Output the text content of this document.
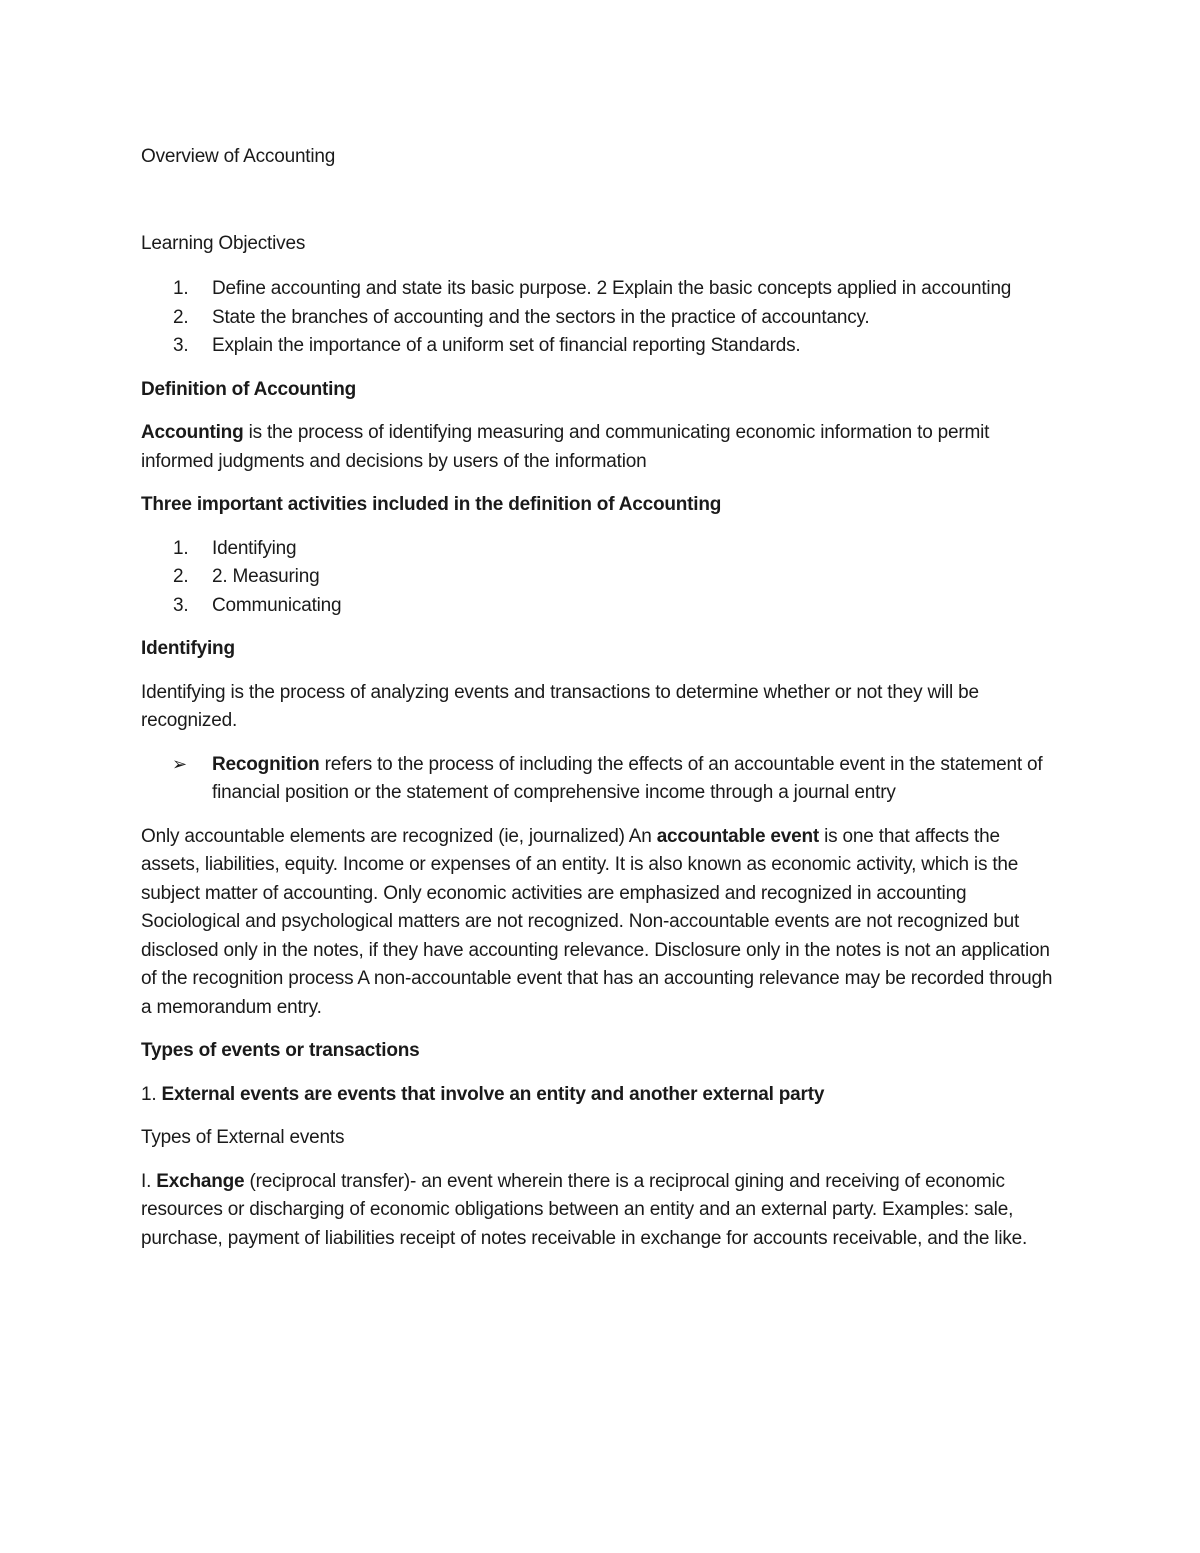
Overview of Accounting

Learning Objectives

1. Define accounting and state its basic purpose. 2 Explain the basic concepts applied in accounting
2. State the branches of accounting and the sectors in the practice of accountancy.
3. Explain the importance of a uniform set of financial reporting Standards.

Definition of Accounting

Accounting is the process of identifying measuring and communicating economic information to permit informed judgments and decisions by users of the information

Three important activities included in the definition of Accounting

1. Identifying
2. 2. Measuring
3. Communicating

Identifying

Identifying is the process of analyzing events and transactions to determine whether or not they will be recognized.

➢ Recognition refers to the process of including the effects of an accountable event in the statement of financial position or the statement of comprehensive income through a journal entry

Only accountable elements are recognized (ie, journalized) An accountable event is one that affects the assets, liabilities, equity. Income or expenses of an entity. It is also known as economic activity, which is the subject matter of accounting. Only economic activities are emphasized and recognized in accounting Sociological and psychological matters are not recognized. Non-accountable events are not recognized but disclosed only in the notes, if they have accounting relevance. Disclosure only in the notes is not an application of the recognition process A non-accountable event that has an accounting relevance may be recorded through a memorandum entry.

Types of events or transactions

1. External events are events that involve an entity and another external party

Types of External events

I. Exchange (reciprocal transfer)- an event wherein there is a reciprocal gining and receiving of economic resources or discharging of economic obligations between an entity and an external party. Examples: sale, purchase, payment of liabilities receipt of notes receivable in exchange for accounts receivable, and the like.
